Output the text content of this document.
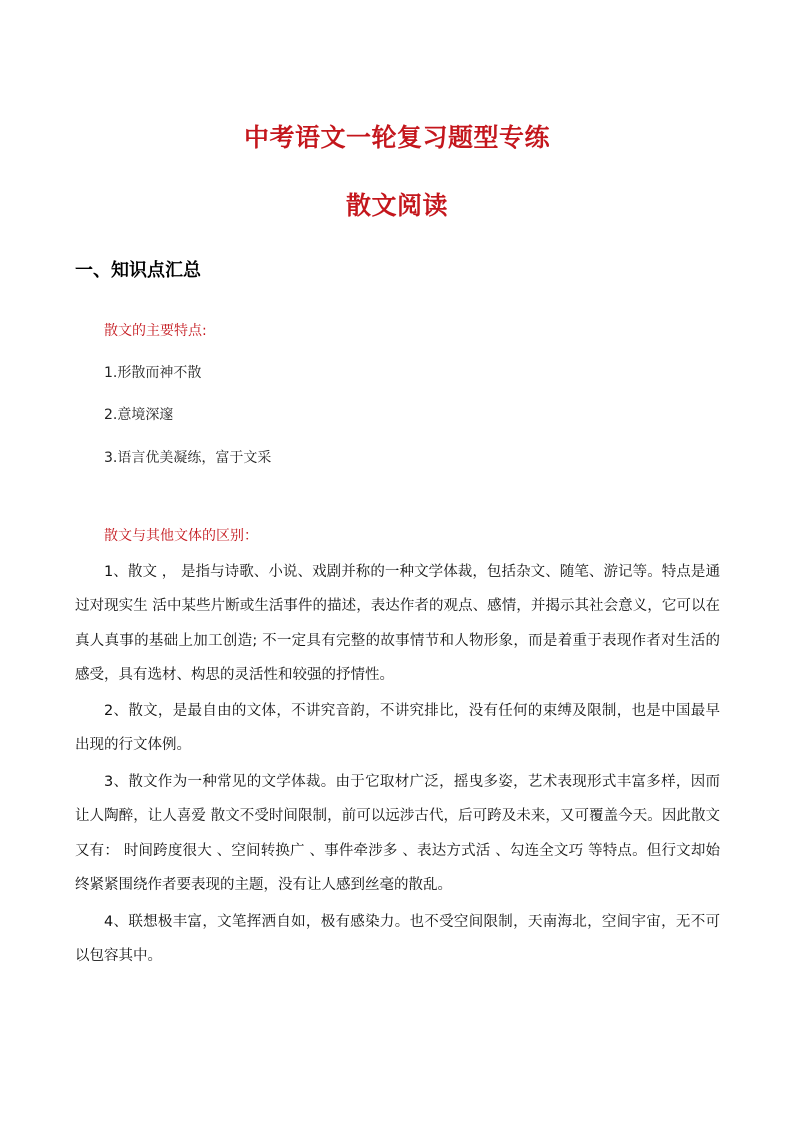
中考语文一轮复习题型专练
散文阅读
一、知识点汇总

散文的主要特点:

1.形散而神不散

2.意境深邃

3.语言优美凝练，富于文采

散文与其他文体的区别：

1、散文 ， 是指与诗歌、小说、戏剧并称的一种文学体裁，包括杂文、随笔、游记等。特点是通过对现实生 活中某些片断或生活事件的描述，表达作者的观点、感情，并揭示其社会意义，它可以在真人真事的基础上加工创造; 不一定具有完整的故事情节和人物形象，而是着重于表现作者对生活的感受，具有选材、构思的灵活性和较强的抒情性。

2、散文，是最自由的文体，不讲究音韵，不讲究排比，没有任何的束缚及限制，也是中国最早出现的行文体例。

3、散文作为一种常见的文学体裁。由于它取材广泛，摇曳多姿，艺术表现形式丰富多样，因而让人陶醉，让人喜爱 散文不受时间限制，前可以远涉古代，后可跨及未来，又可覆盖今天。因此散文又有： 时间跨度很大 、空间转换广 、事件牵涉多 、表达方式活 、勾连全文巧 等特点。但行文却始终紧紧围绕作者要表现的主题，没有让人感到丝毫的散乱。

4、联想极丰富，文笔挥洒自如，极有感染力。也不受空间限制，天南海北，空间宇宙，无不可以包容其中。
